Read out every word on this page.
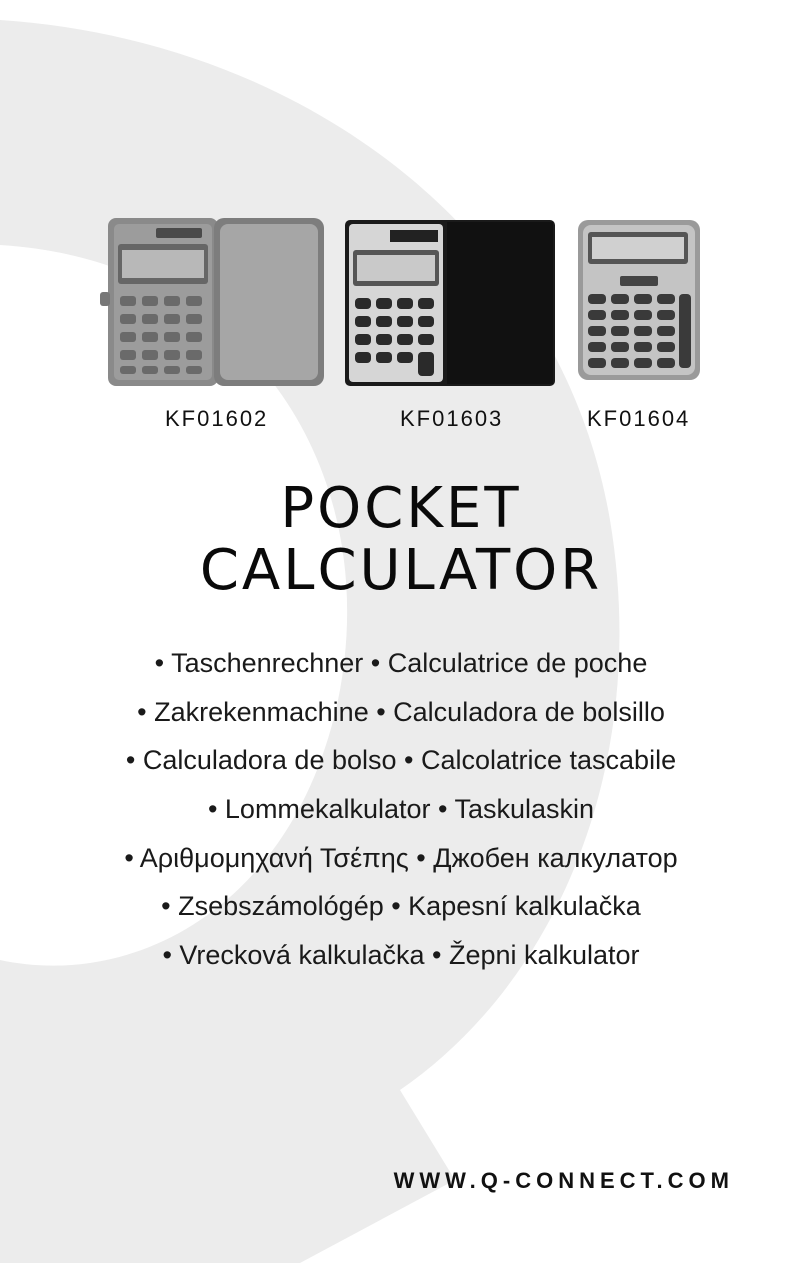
KF01602	KF01603	KF01604
POCKET
CALCULATOR
• Taschenrechner • Calculatrice de poche
• Zakrekenmachine • Calculadora de bolsillo
• Calculadora de bolso • Calcolatrice tascabile
• Lommekalkulator • Taskulaskin
• Αριθμομηχανή Τσέπης • Джобен калкулатор
• Zsebszámológép • Kapesní kalkulačka
• Vrecková kalkulačka • Žepni kalkulator
WWW.Q-CONNECT.COM
